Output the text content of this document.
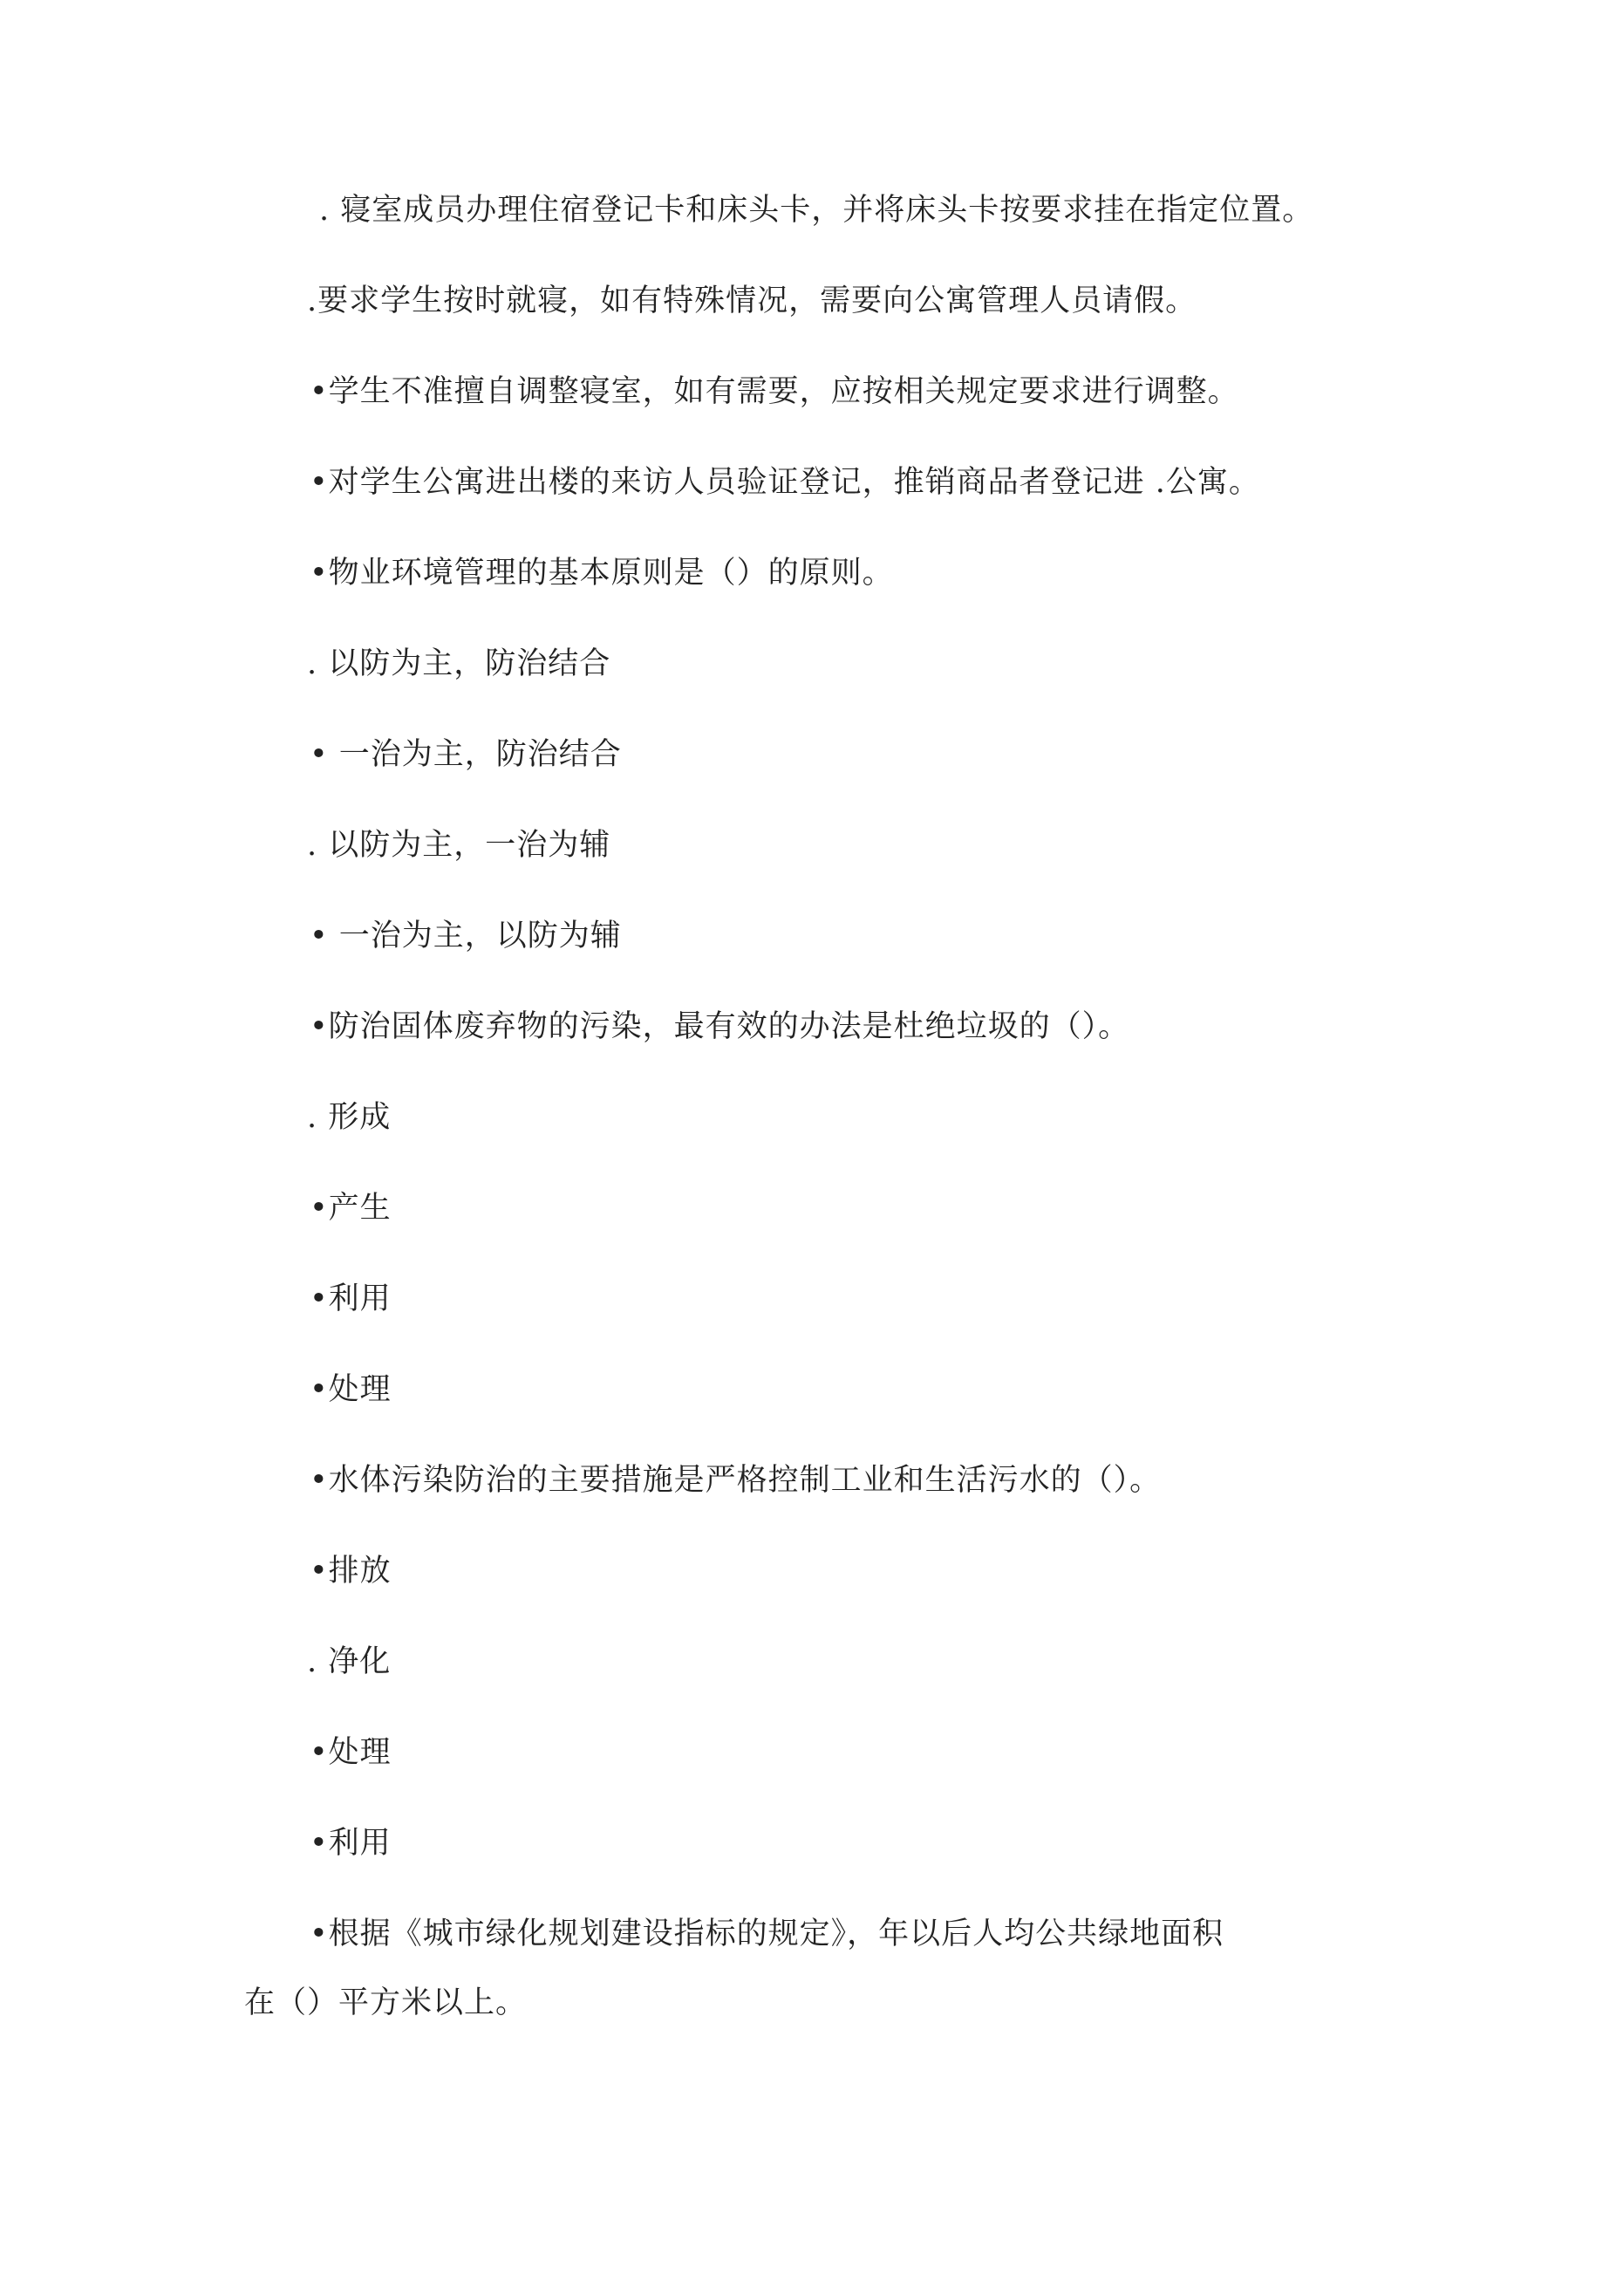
. 寝室成员办理住宿登记卡和床头卡，并将床头卡按要求挂在指定位置。
.要求学生按时就寝，如有特殊情况，需要向公寓管理人员请假。
•学生不准擅自调整寝室，如有需要，应按相关规定要求进行调整。
•对学生公寓进出楼的来访人员验证登记，推销商品者登记进 .公寓。
•物业环境管理的基本原则是（）的原则。
. 以防为主，防治结合
• 一治为主，防治结合
. 以防为主，一治为辅
• 一治为主，以防为辅
•防治固体废弃物的污染，最有效的办法是杜绝垃圾的（）。
. 形成
•产生
•利用
•处理
•水体污染防治的主要措施是严格控制工业和生活污水的（）。
•排放
. 净化
•处理
•利用
•根据《城市绿化规划建设指标的规定》，年以后人均公共绿地面积
在（）平方米以上。
